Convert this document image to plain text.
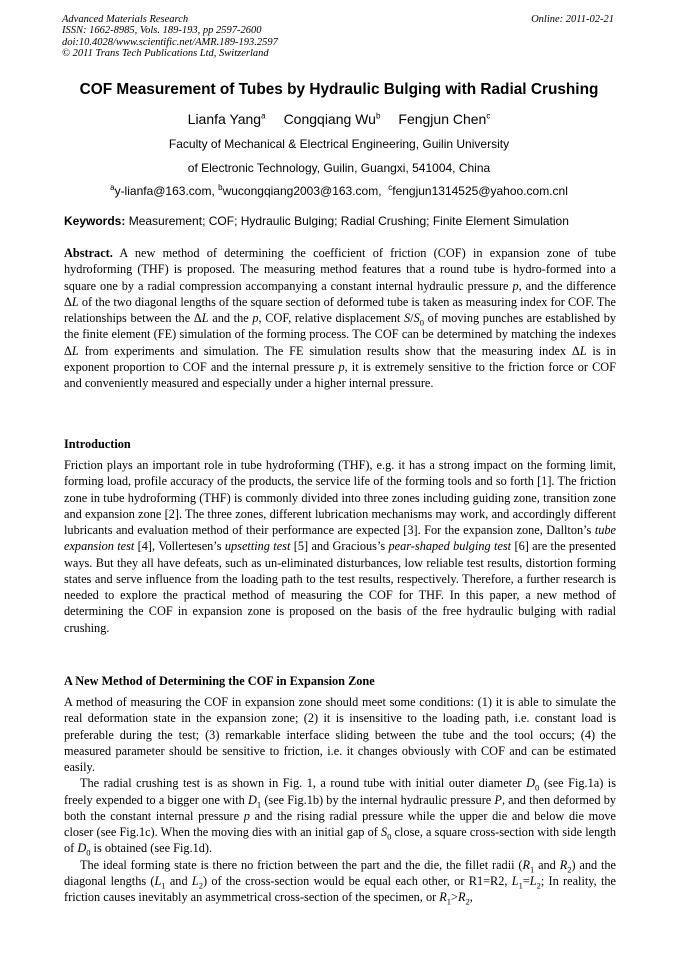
Advanced Materials Research
ISSN: 1662-8985, Vols. 189-193, pp 2597-2600
doi:10.4028/www.scientific.net/AMR.189-193.2597
© 2011 Trans Tech Publications Ltd, Switzerland
Online: 2011-02-21
COF Measurement of Tubes by Hydraulic Bulging with Radial Crushing
Lianfa Yang$^a$ Congqiang Wu$^b$ Fengjun Chen$^c$
Faculty of Mechanical & Electrical Engineering, Guilin University
of Electronic Technology, Guilin, Guangxi, 541004, China
$^a$y-lianfa@163.com, $^b$wucongqiang2003@163.com, $^c$fengjun1314525@yahoo.com.cnl
Keywords: Measurement; COF; Hydraulic Bulging; Radial Crushing; Finite Element Simulation

Abstract. A new method of determining the coefficient of friction (COF) in expansion zone of tube hydroforming (THF) is proposed. The measuring method features that a round tube is hydro-formed into a square one by a radial compression accompanying a constant internal hydraulic pressure p, and the difference ΔL of the two diagonal lengths of the square section of deformed tube is taken as measuring index for COF. The relationships between the ΔL and the p, COF, relative displacement $S/S_0$ of moving punches are established by the finite element (FE) simulation of the forming process. The COF can be determined by matching the indexes ΔL from experiments and simulation. The FE simulation results show that the measuring index ΔL is in exponent proportion to COF and the internal pressure p, it is extremely sensitive to the friction force or COF and conveniently measured and especially under a higher internal pressure.

Introduction

Friction plays an important role in tube hydroforming (THF), e.g. it has a strong impact on the forming limit, forming load, profile accuracy of the products, the service life of the forming tools and so forth [1]. The friction zone in tube hydroforming (THF) is commonly divided into three zones including guiding zone, transition zone and expansion zone [2]. The three zones, different lubrication mechanisms may work, and accordingly different lubricants and evaluation method of their performance are expected [3]. For the expansion zone, Dallton’s tube expansion test [4], Vollertesen’s upsetting test [5] and Gracious’s pear-shaped bulging test [6] are the presented ways. But they all have defeats, such as un-eliminated disturbances, low reliable test results, distortion forming states and serve influence from the loading path to the test results, respectively. Therefore, a further research is needed to explore the practical method of measuring the COF for THF. In this paper, a new method of determining the COF in expansion zone is proposed on the basis of the free hydraulic bulging with radial crushing.

A New Method of Determining the COF in Expansion Zone

A method of measuring the COF in expansion zone should meet some conditions: (1) it is able to simulate the real deformation state in the expansion zone; (2) it is insensitive to the loading path, i.e. constant load is preferable during the test; (3) remarkable interface sliding between the tube and the tool occurs; (4) the measured parameter should be sensitive to friction, i.e. it changes obviously with COF and can be estimated easily.

The radial crushing test is as shown in Fig. 1, a round tube with initial outer diameter $D_0$ (see Fig.1a) is freely expended to a bigger one with $D_1$ (see Fig.1b) by the internal hydraulic pressure P, and then deformed by both the constant internal pressure p and the rising radial pressure while the upper die and below die move closer (see Fig.1c). When the moving dies with an initial gap of $S_0$ close, a square cross-section with side length of $D_0$ is obtained (see Fig.1d).

The ideal forming state is there no friction between the part and the die, the fillet radii ($R_1$ and $R_2$) and the diagonal lengths ($L_1$ and $L_2$) of the cross-section would be equal each other, or R1=R2, $L_1=L_2$; In reality, the friction causes inevitably an asymmetrical cross-section of the specimen, or $R_1>R_2$,
